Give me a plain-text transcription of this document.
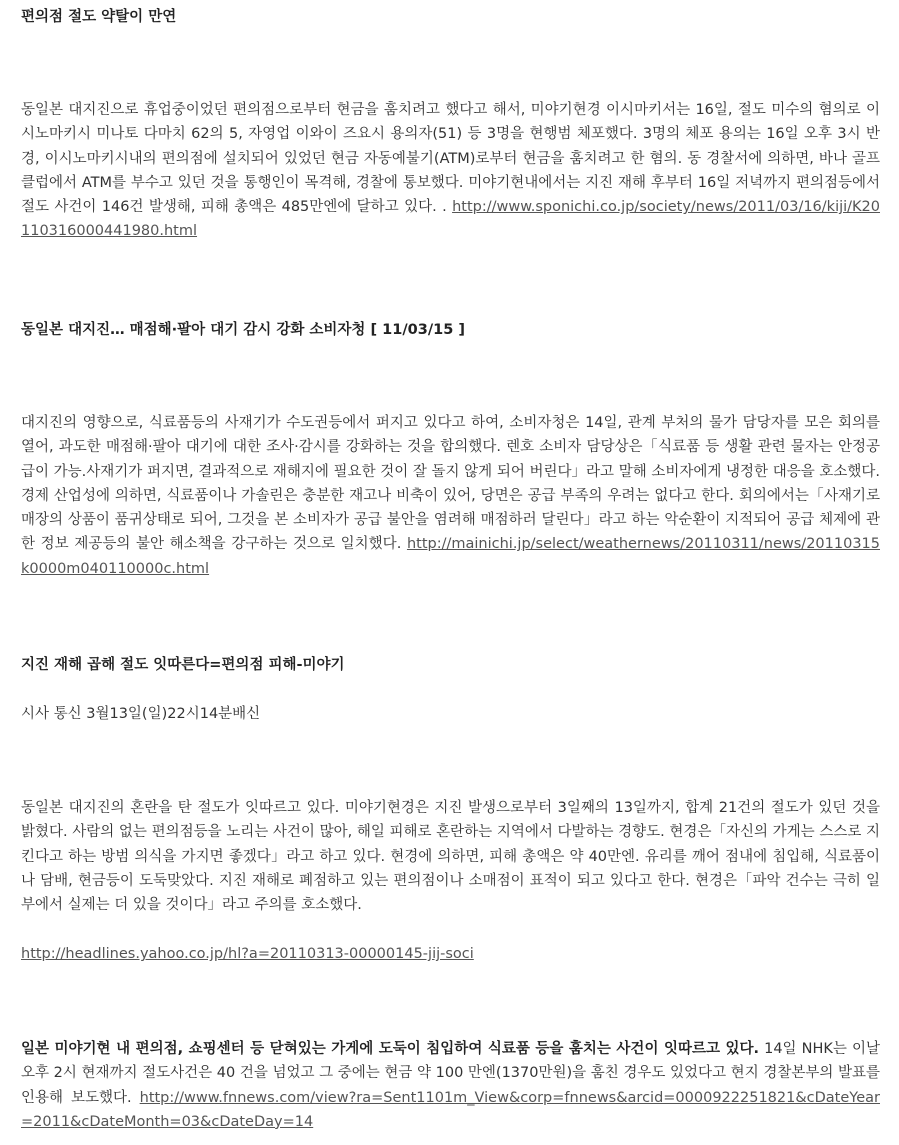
편의점 절도 약탈이 만연
동일본 대지진으로 휴업중이었던 편의점으로부터 현금을 훔치려고 했다고 해서, 미야기현경 이시마키서는 16일, 절도 미수의 혐의로 이시노마키시 미나토 다마치 62의 5, 자영업 이와이 즈요시 용의자(51) 등 3명을 현행범 체포했다. 3명의 체포 용의는 16일 오후 3시 반경, 이시노마키시내의 편의점에 설치되어 있었던 현금 자동예불기(ATM)로부터 현금을 훔치려고 한 혐의. 동 경찰서에 의하면, 바나 골프 클럽에서 ATM를 부수고 있던 것을 통행인이 목격해, 경찰에 통보했다. 미야기현내에서는 지진 재해 후부터 16일 저녁까지 편의점등에서 절도 사건이 146건 발생해, 피해 총액은 485만엔에 달하고 있다. . http://www.sponichi.co.jp/society/news/2011/03/16/kiji/K20110316000441980.html
동일본 대지진… 매점해·팔아 대기 감시 강화 소비자청 [ 11/03/15 ]
대지진의 영향으로, 식료품등의 사재기가 수도권등에서 퍼지고 있다고 하여, 소비자청은 14일, 관계 부처의 물가 담당자를 모은 회의를 열어, 과도한 매점해·팔아 대기에 대한 조사·감시를 강화하는 것을 합의했다. 렌호 소비자 담당상은「식료품 등 생활 관련 물자는 안정공급이 가능.사재기가 퍼지면, 결과적으로 재해지에 필요한 것이 잘 돌지 않게 되어 버린다」라고 말해 소비자에게 냉정한 대응을 호소했다. 경제 산업성에 의하면, 식료품이나 가솔린은 충분한 재고나 비축이 있어, 당면은 공급 부족의 우려는 없다고 한다. 회의에서는「사재기로 매장의 상품이 품귀상태로 되어, 그것을 본 소비자가 공급 불안을 염려해 매점하러 달린다」라고 하는 악순환이 지적되어 공급 체제에 관한 정보 제공등의 불안 해소책을 강구하는 것으로 일치했다. http://mainichi.jp/select/weathernews/20110311/news/20110315k0000m040110000c.html
지진 재해 곱해 절도 잇따른다=편의점 피해-미야기
시사 통신 3월13일(일)22시14분배신
동일본 대지진의 혼란을 탄 절도가 잇따르고 있다. 미야기현경은 지진 발생으로부터 3일째의 13일까지, 합계 21건의 절도가 있던 것을 밝혔다. 사람의 없는 편의점등을 노리는 사건이 많아, 해일 피해로 혼란하는 지역에서 다발하는 경향도. 현경은「자신의 가게는 스스로 지킨다고 하는 방범 의식을 가지면 좋겠다」라고 하고 있다. 현경에 의하면, 피해 총액은 약 40만엔. 유리를 깨어 점내에 침입해, 식료품이나 담배, 현금등이 도둑맞았다. 지진 재해로 폐점하고 있는 편의점이나 소매점이 표적이 되고 있다고 한다. 현경은「파악 건수는 극히 일부에서 실제는 더 있을 것이다」라고 주의를 호소했다.
http://headlines.yahoo.co.jp/hl?a=20110313-00000145-jij-soci
일본 미야기현 내 편의점, 쇼핑센터 등 닫혀있는 가게에 도둑이 침입하여 식료품 등을 훔치는 사건이 잇따르고 있다. 14일 NHK는 이날 오후 2시 현재까지 절도사건은 40 건을 넘었고 그 중에는 현금 약 100 만엔(1370만원)을 훔친 경우도 있었다고 현지 경찰본부의 발표를 인용해 보도했다. http://www.fnnews.com/view?ra=Sent1101m_View&corp=fnnews&arcid=0000922251821&cDateYear=2011&cDateMonth=03&cDateDay=14
